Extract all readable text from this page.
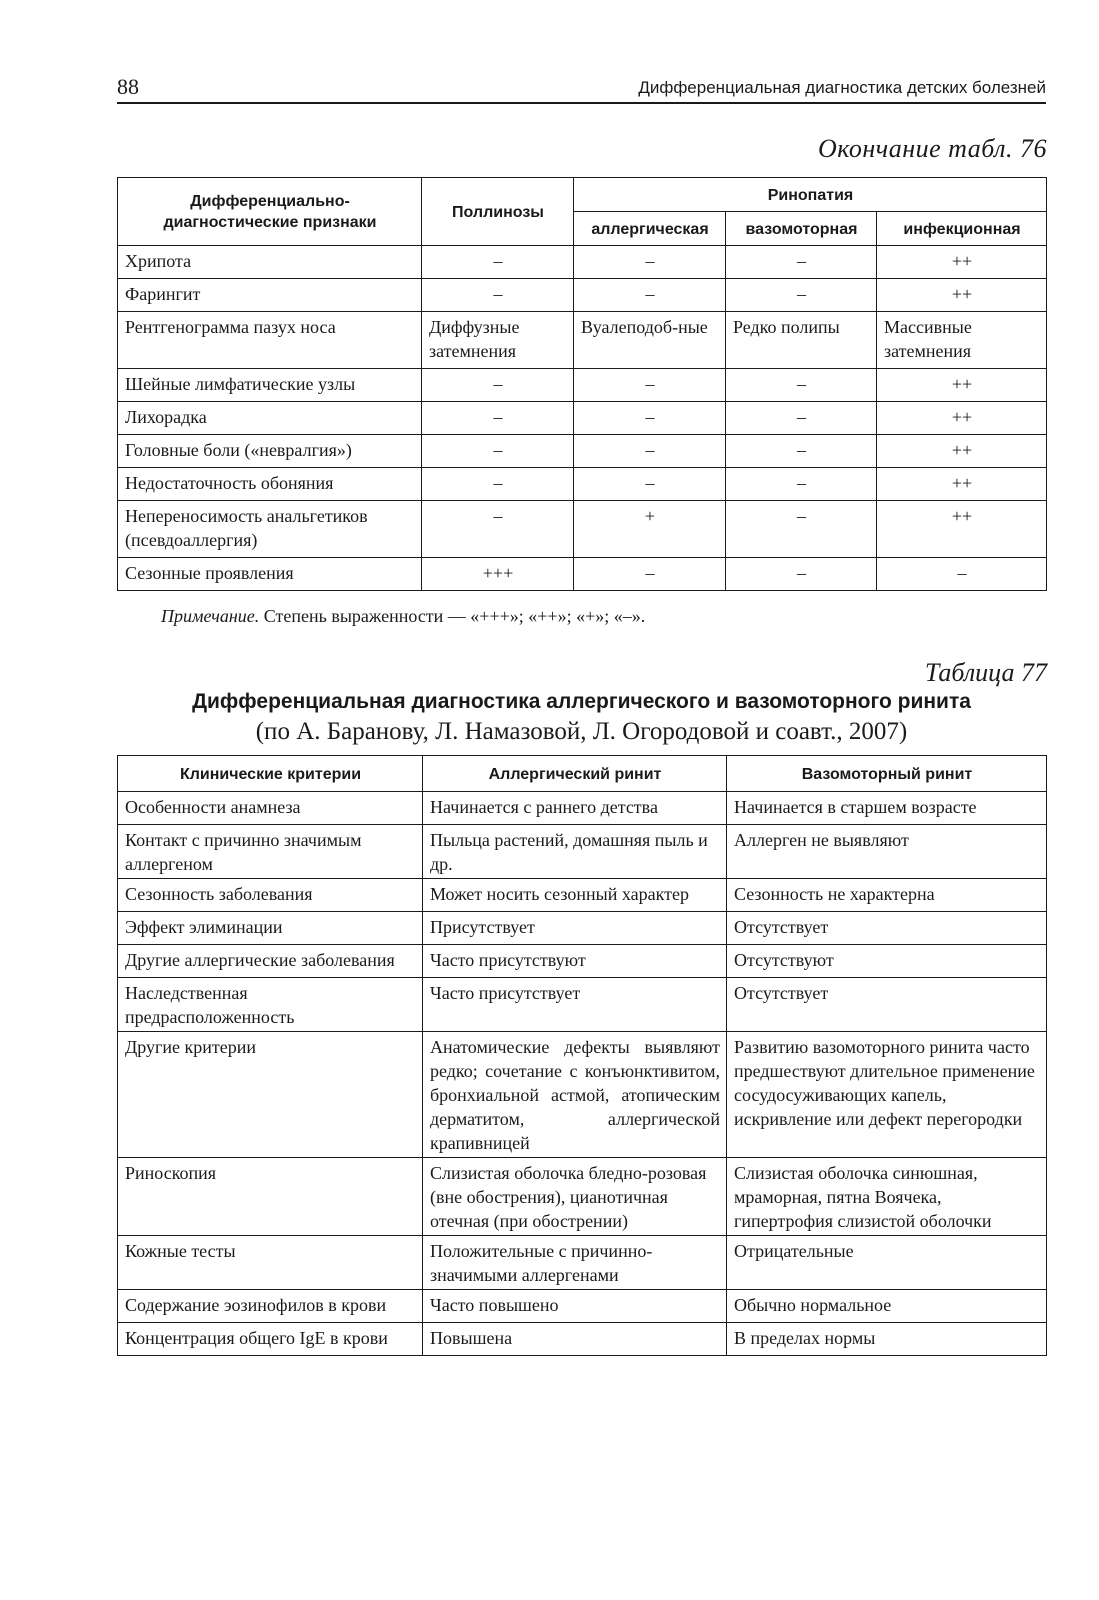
88	Дифференциальная диагностика детских болезней
Окончание табл. 76
Дифференциально-диагностические признаки	Поллинозы	Ринопатия		
		аллергическая	вазомоторная	инфекционная
Хрипота	–	–	–	++
Фарингит	–	–	–	++
Рентгенограмма пазух носа	Диффузные затемнения	Вуалеподоб-ные	Редко полипы	Массивные затемнения
Шейные лимфатические узлы	–	–	–	++
Лихорадка	–	–	–	++
Головные боли («невралгия»)	–	–	–	++
Недостаточность обоняния	–	–	–	++
Непереносимость анальгетиков (псевдоаллергия)	–	+	–	++
Сезонные проявления	+++	–	–	–
Примечание. Степень выраженности — «+++»; «++»; «+»; «–».
Таблица 77
Дифференциальная диагностика аллергического и вазомоторного ринита
(по А. Баранову, Л. Намазовой, Л. Огородовой и соавт., 2007)
Клинические критерии	Аллергический ринит	Вазомоторный ринит
Особенности анамнеза	Начинается с раннего детства	Начинается в старшем возрасте
Контакт с причинно значимым аллергеном	Пыльца растений, домашняя пыль и др.	Аллерген не выявляют
Сезонность заболевания	Может носить сезонный характер	Сезонность не характерна
Эффект элиминации	Присутствует	Отсутствует
Другие аллергические заболевания	Часто присутствуют	Отсутствуют
Наследственная предрасположенность	Часто присутствует	Отсутствует
Другие критерии	Анатомические дефекты выявляют редко; сочетание с конъюнктивитом, бронхиальной астмой, атопическим дерматитом, аллергической крапивницей	Развитию вазомоторного ринита часто предшествуют длительное применение сосудосуживающих капель, искривление или дефект перегородки
Риноскопия	Слизистая оболочка бледно-розовая (вне обострения), цианотичная отечная (при обострении)	Слизистая оболочка синюшная, мраморная, пятна Воячека, гипертрофия слизистой оболочки
Кожные тесты	Положительные с причинно-значимыми аллергенами	Отрицательные
Содержание эозинофилов в крови	Часто повышено	Обычно нормальное
Концентрация общего IgE в крови	Повышена	В пределах нормы
